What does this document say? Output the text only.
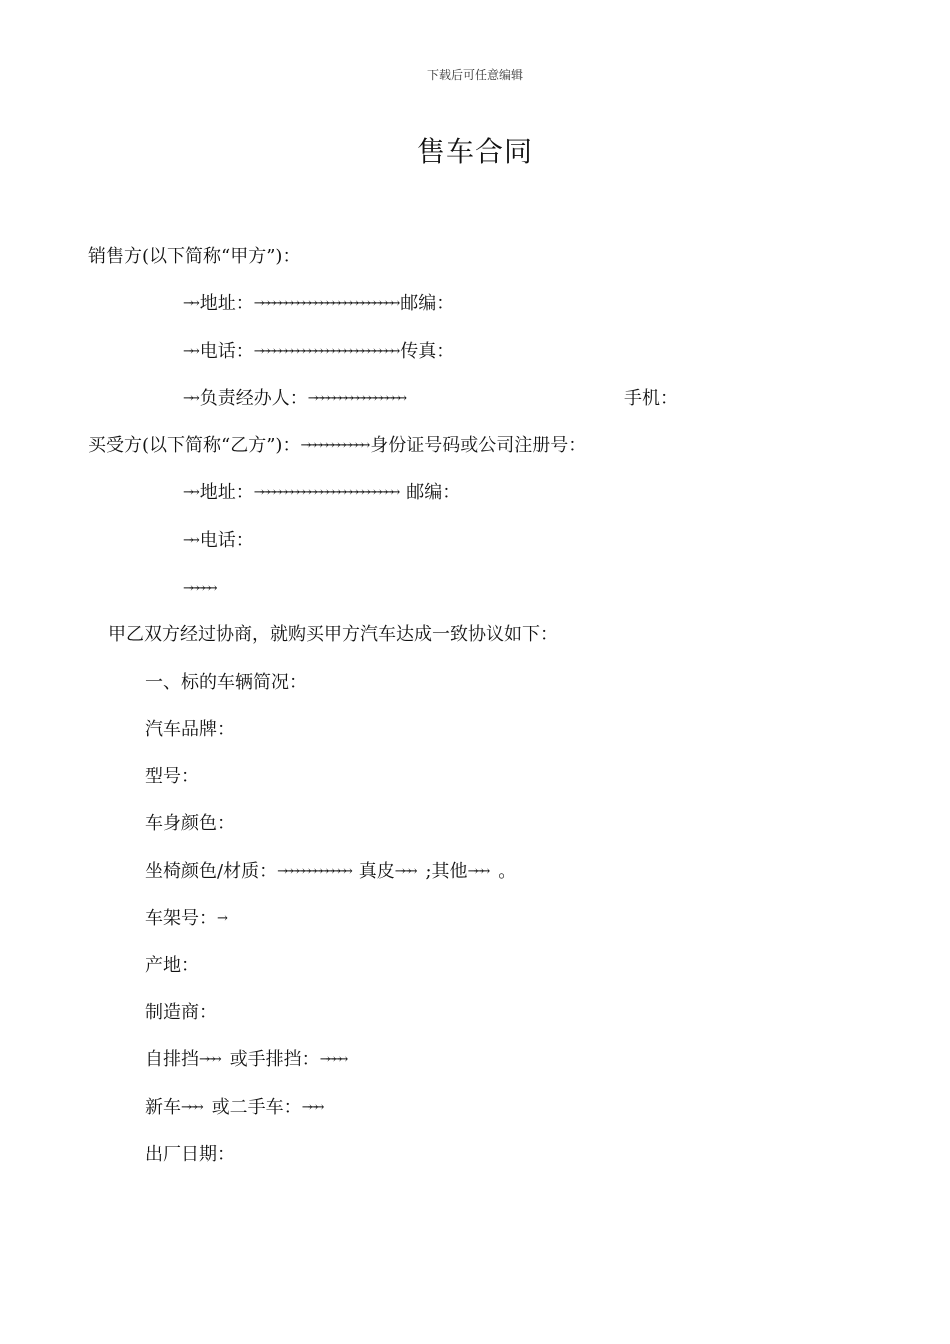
下载后可任意编辑
售车合同
销售方(以下简称“甲方”)：
→→ 地址：→→→→→→→→→→→→→→→→→→→→→→→→ 邮编：
→→ 电话：→→→→→→→→→→→→→→→→→→→→→→→→ 传真：
→→ 负责经办人：→→→→→→→→→→→→→→→→	手机：
买受方(以下简称“乙方”)：→→→→→→→→→→→ 身份证号码或公司注册号：
→→ 地址：→→→→→→→→→→→→→→→→→→→→→→→→ 邮编：
→→ 电话：
→→→→→
甲乙双方经过协商，就购买甲方汽车达成一致协议如下：
一、标的车辆简况：
汽车品牌：
型号：
车身颜色：
坐椅颜色/材质：→→→→→→→→→→→→ 真皮→→→ ;其他→→→ 。
车架号：→
产地：
制造商：
自排挡→→→ 或手排挡：→→→→
新车→→→ 或二手车：→→→
出厂日期：
